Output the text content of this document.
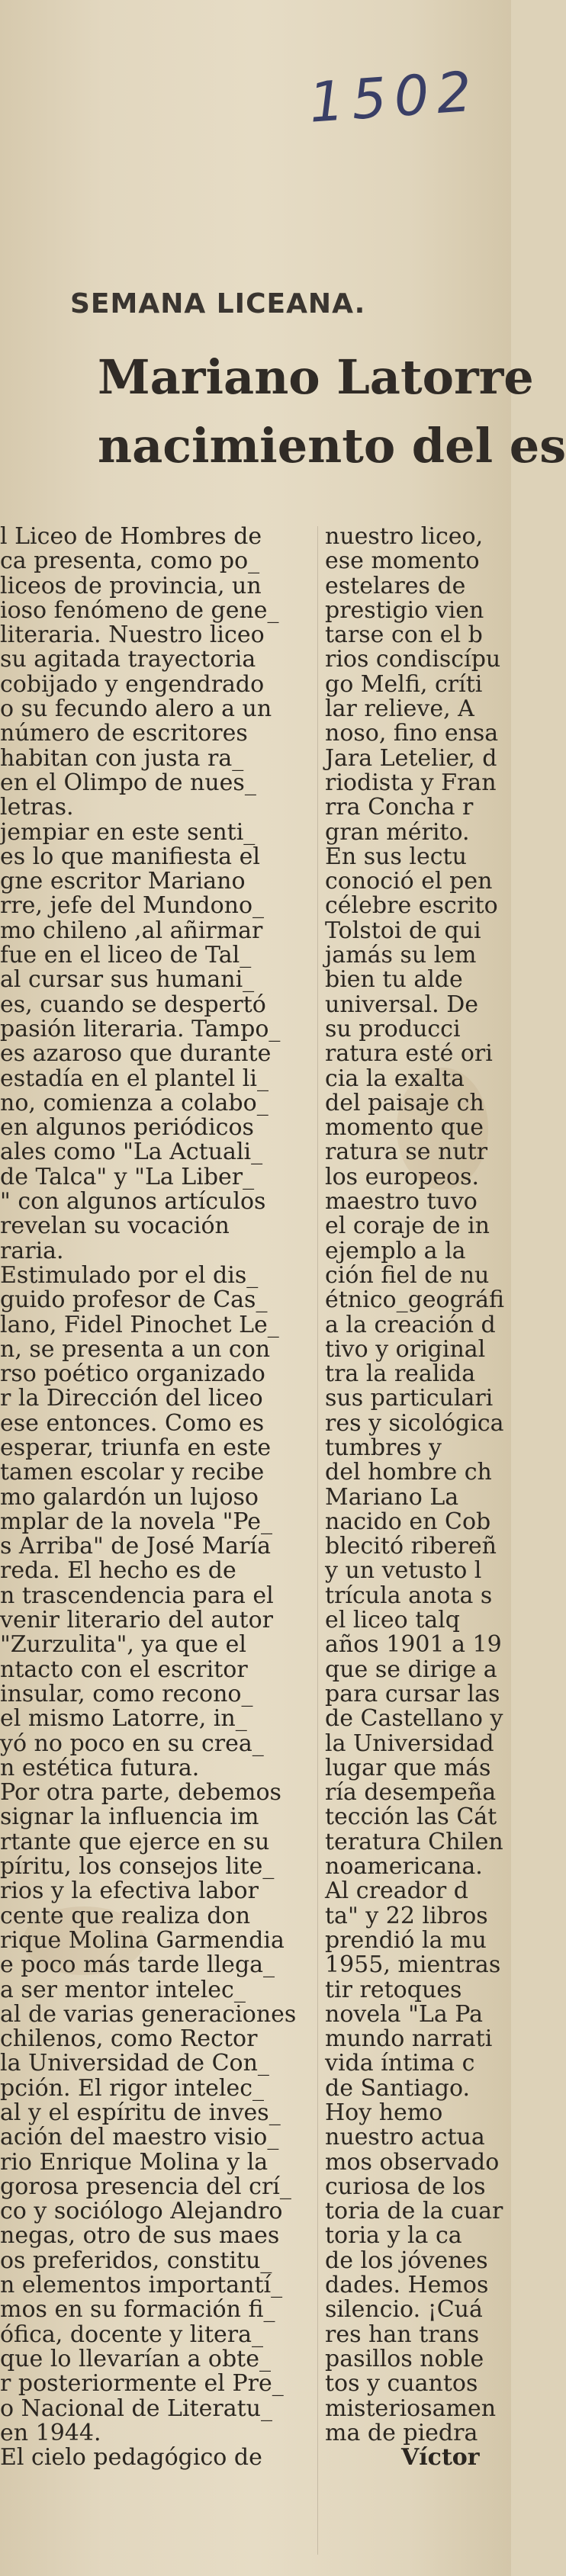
1502
SEMANA LICEANA.
Mariano Latorre
nacimiento del es
l Liceo de Hombres de
ca presenta, como po_
liceos de provincia, un
ioso fenómeno de gene_
literaria. Nuestro liceo
su agitada trayectoria
cobijado y engendrado
o su fecundo alero a un
número de escritores
habitan con justa ra_
en el Olimpo de nues_
letras.
jempiar en este senti_
es lo que manifiesta el
gne escritor Mariano
rre, jefe del Mundono_
mo chileno ,al añirmar
fue en el liceo de Tal_
al cursar sus humani_
es, cuando se despertó
pasión literaria. Tampo_
es azaroso que durante
estadía en el plantel li_
no, comienza a colabo_
en algunos periódicos
ales como "La Actuali_
de Talca" y "La Liber_
" con algunos artículos
revelan su vocación
raria.
Estimulado por el dis_
guido profesor de Cas_
lano, Fidel Pinochet Le_
n, se presenta a un con
rso poético organizado
r la Dirección del liceo
ese entonces. Como es
esperar, triunfa en este
tamen escolar y recibe
mo galardón un lujoso
mplar de la novela "Pe_
s Arriba" de José María
reda. El hecho es de
n trascendencia para el
venir literario del autor
"Zurzulita", ya que el
ntacto con el escritor
insular, como recono_
el mismo Latorre, in_
yó no poco en su crea_
n estética futura.
Por otra parte, debemos
signar la influencia im
rtante que ejerce en su
píritu, los consejos lite_
rios y la efectiva labor
cente que realiza don
rique Molina Garmendia
e poco más tarde llega_
a ser mentor intelec_
al de varias generaciones
chilenos, como Rector
la Universidad de Con_
pción. El rigor intelec_
al y el espíritu de inves_
ación del maestro visio_
rio Enrique Molina y la
gorosa presencia del crí_
co y sociólogo Alejandro
negas, otro de sus maes
os preferidos, constitu_
n elementos importantí_
mos en su formación fi_
ófica, docente y litera_
que lo llevarían a obte_
r posteriormente el Pre_
o Nacional de Literatu_
en 1944.
El cielo pedagógico de
nuestro liceo,
ese momento
estelares de
prestigio vien
tarse con el b
rios condiscípu
go Melfi, críti
lar relieve, A
noso, fino ensa
Jara Letelier, d
riodista y Fran
rra Concha r
gran mérito.
En sus lectu
conoció el pen
célebre escrito
Tolstoi de qui
jamás su lem
bien tu alde
universal. De
su producci
ratura esté ori
cia la exalta
del paisaje ch
momento que
ratura se nutr
los europeos.
maestro tuvo
el coraje de in
ejemplo a la
ción fiel de nu
étnico_geográfi
a la creación d
tivo y original
tra la realida
sus particulari
res y sicológica
tumbres y
del hombre ch
Mariano La
nacido en Cob
blecitó ribereñ
y un vetusto l
trícula anota s
el liceo talq
años 1901 a 19
que se dirige a
para cursar las
de Castellano y
la Universidad
lugar que más
ría desempeña
tección las Cát
teratura Chilen
noamericana.
Al creador d
ta" y 22 libros
prendió la mu
1955, mientras
tir retoques
novela "La Pa
mundo narrati
vida íntima c
de Santiago.
Hoy hemo
nuestro actua
mos observado
curiosa de los
toria de la cuar
toria y la ca
de los jóvenes
dades. Hemos
silencio. ¡Cuá
res han trans
pasillos noble
tos y cuantos
misteriosamen
ma de piedra
Víctor
